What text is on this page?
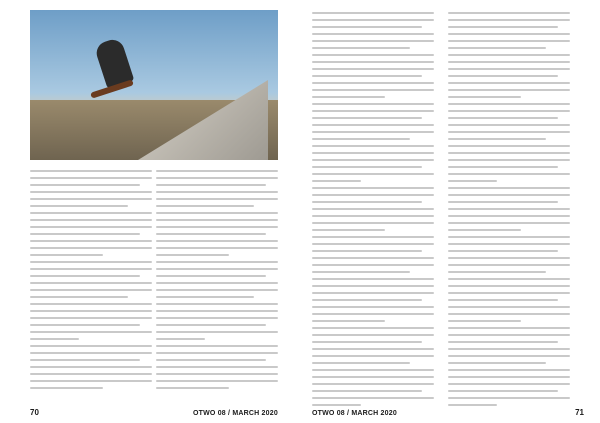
70	OTWO 08 / MARCH 2020	OTWO 08 / MARCH 2020	71
